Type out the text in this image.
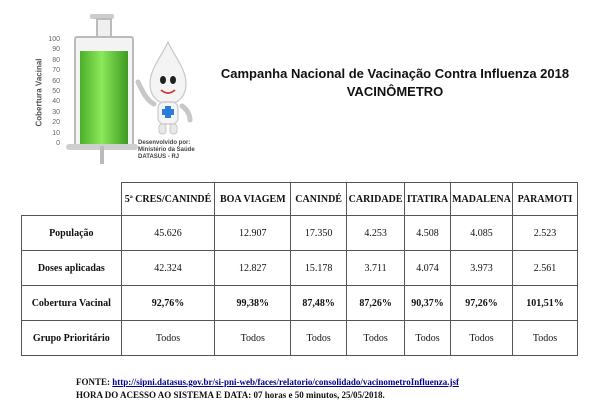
Cobertura Vacinal
100
90
80
70
60
50
40
30
20
10
0	Desenvolvido por:
Ministério da Saúde
DATASUS - RJ
Campanha Nacional de Vacinação Contra Influenza 2018
VACINÔMETRO
	5ª CRES/CANINDÉ	BOA VIAGEM	CANINDÉ	CARIDADE	ITATIRA	MADALENA	PARAMOTI
População	45.626	12.907	17.350	4.253	4.508	4.085	2.523
Doses aplicadas	42.324	12.827	15.178	3.711	4.074	3.973	2.561
Cobertura Vacinal	92,76%	99,38%	87,48%	87,26%	90,37%	97,26%	101,51%
Grupo Prioritário	Todos	Todos	Todos	Todos	Todos	Todos	Todos
FONTE: http://sipni.datasus.gov.br/si-pni-web/faces/relatorio/consolidado/vacinometroInfluenza.jsf
HORA DO ACESSO AO SISTEMA E DATA: 07 horas e 50 minutos, 25/05/2018.
